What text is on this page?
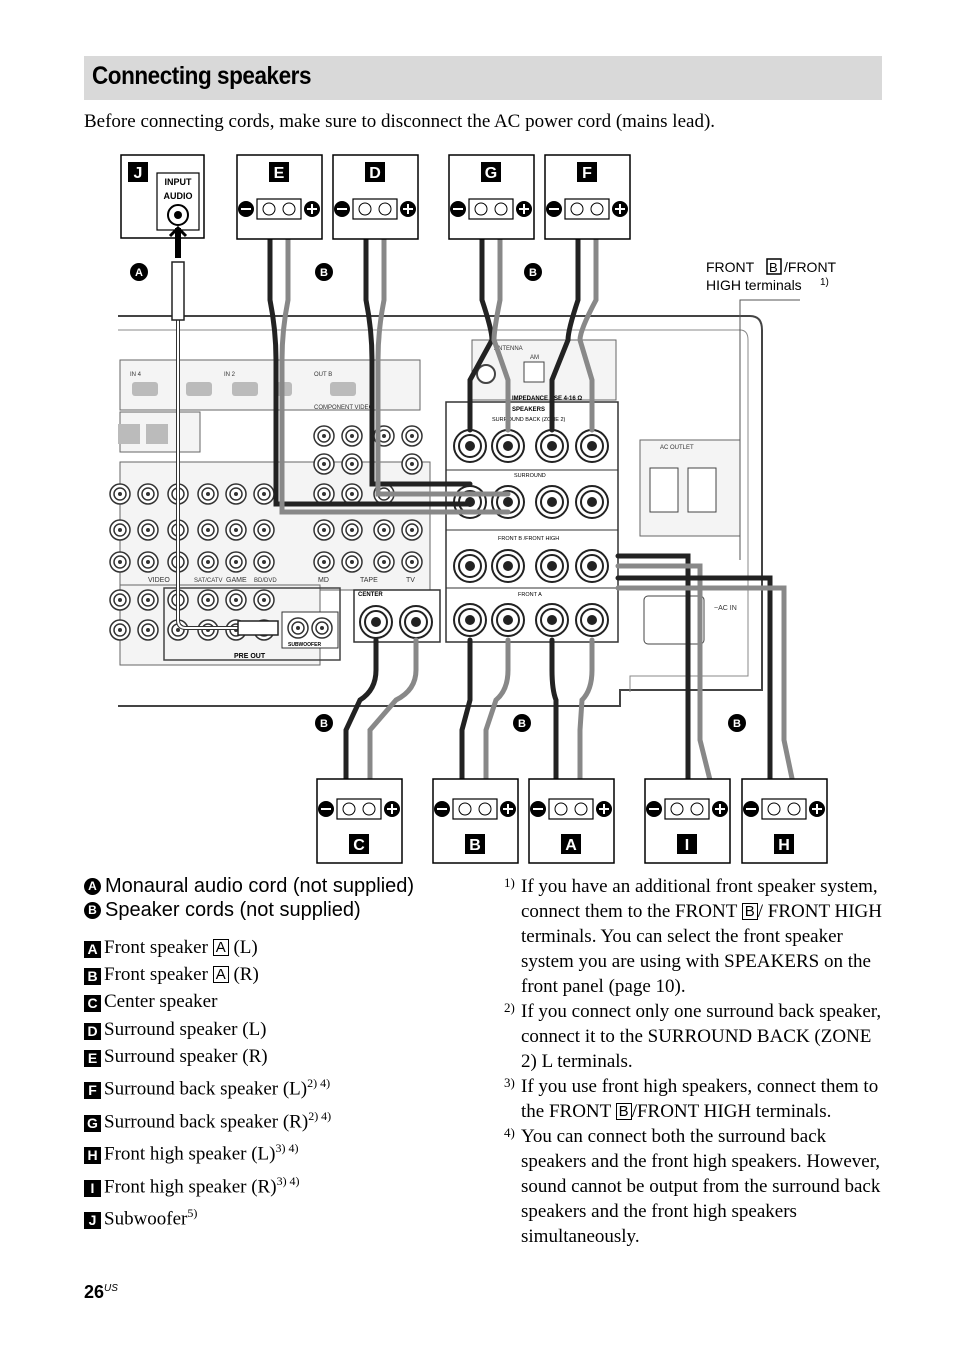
Connecting speakers
Before connecting cords, make sure to disconnect the AC power cord (mains lead).
IN 4	IN 2	OUT B
VIDEO	SAT/CATV GAME BD/DVD	MD	TAPE	TV
COMPONENT VIDEO
PRE OUT
SUBWOOFER
ANTENNA
AM
IMPEDANCE USE 4-16 Ω
SPEAKERS
SURROUND BACK (ZONE 2)
SURROUND
FRONT B /FRONT HIGH
FRONT A
CENTER
AC OUTLET
~AC IN
FRONT B /FRONT
HIGH terminals 1)
J INPUT
AUDIO
E	D	G	F
C	B	A	I	H
A	B	B
B	B	B
A Monaural audio cord (not supplied)
B Speaker cords (not supplied)
A Front speaker A (L)
B Front speaker A (R)
C Center speaker
D Surround speaker (L)
E Surround speaker (R)
F Surround back speaker $(L)^{2) 4)}$
G Surround back speaker $(R)^{2) 4)}$
H Front high speaker $(L)^{3) 4)}$
I Front high speaker $(R)^{3) 4)}$
J Subwoofer$^{5)}$
1) If you have an additional front speaker system, connect them to the FRONT B / FRONT HIGH terminals. You can select the front speaker system you are using with SPEAKERS on the front panel (page 10).
2) If you connect only one surround back speaker, connect it to the SURROUND BACK (ZONE 2) L terminals.
3) If you use front high speakers, connect them to the FRONT B /FRONT HIGH terminals.
4) You can connect both the surround back speakers and the front high speakers. However, sound cannot be output from the surround back speakers and the front high speakers simultaneously.
$26^{US}$
